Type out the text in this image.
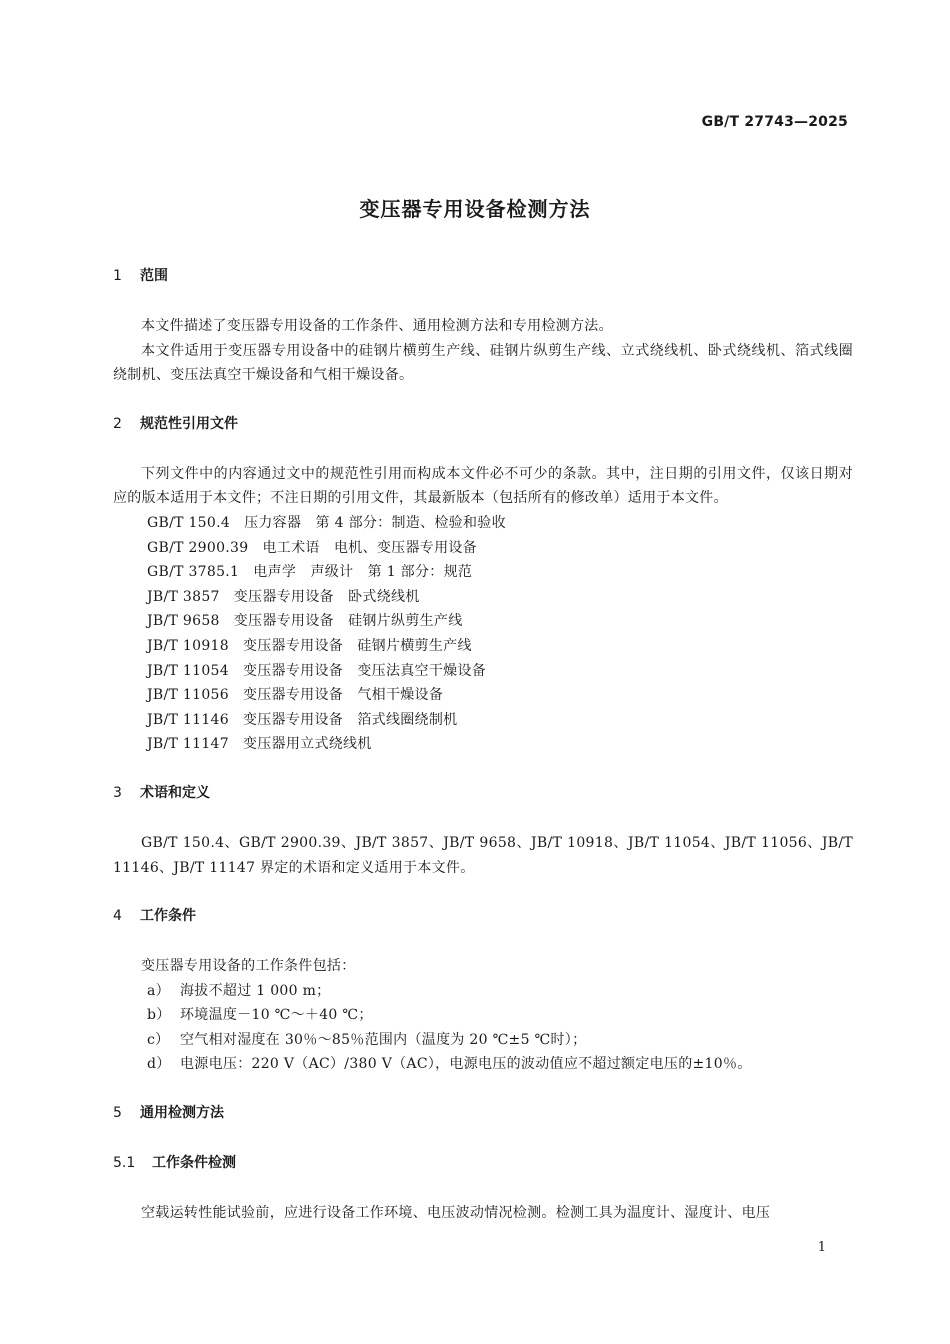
GB/T 27743—2025
变压器专用设备检测方法
1	范围

本文件描述了变压器专用设备的工作条件、通用检测方法和专用检测方法。

本文件适用于变压器专用设备中的硅钢片横剪生产线、硅钢片纵剪生产线、立式绕线机、卧式绕线机、箔式线圈绕制机、变压法真空干燥设备和气相干燥设备。

2	规范性引用文件

下列文件中的内容通过文中的规范性引用而构成本文件必不可少的条款。其中，注日期的引用文件，仅该日期对应的版本适用于本文件；不注日期的引用文件，其最新版本（包括所有的修改单）适用于本文件。

GB/T 150.4 压力容器　第 4 部分：制造、检验和验收

GB/T 2900.39 电工术语　电机、变压器专用设备

GB/T 3785.1 电声学　声级计　第 1 部分：规范

JB/T 3857 变压器专用设备　卧式绕线机

JB/T 9658 变压器专用设备　硅钢片纵剪生产线

JB/T 10918 变压器专用设备　硅钢片横剪生产线

JB/T 11054 变压器专用设备　变压法真空干燥设备

JB/T 11056 变压器专用设备　气相干燥设备

JB/T 11146 变压器专用设备　箔式线圈绕制机

JB/T 11147 变压器用立式绕线机

3	术语和定义

GB/T 150.4、GB/T 2900.39、JB/T 3857、JB/T 9658、JB/T 10918、JB/T 11054、JB/T 11056、JB/T 11146、JB/T 11147 界定的术语和定义适用于本文件。

4	工作条件

变压器专用设备的工作条件包括：

a） 海拔不超过 1 000 m；

b） 环境温度－10 ℃～＋40 ℃；

c） 空气相对湿度在 30％～85％范围内（温度为 20 ℃±5 ℃时）；

d） 电源电压：220 V（AC）/380 V（AC），电源电压的波动值应不超过额定电压的±10％。

5	通用检测方法
5.1	工作条件检测

空载运转性能试验前，应进行设备工作环境、电压波动情况检测。检测工具为温度计、湿度计、电压

1
